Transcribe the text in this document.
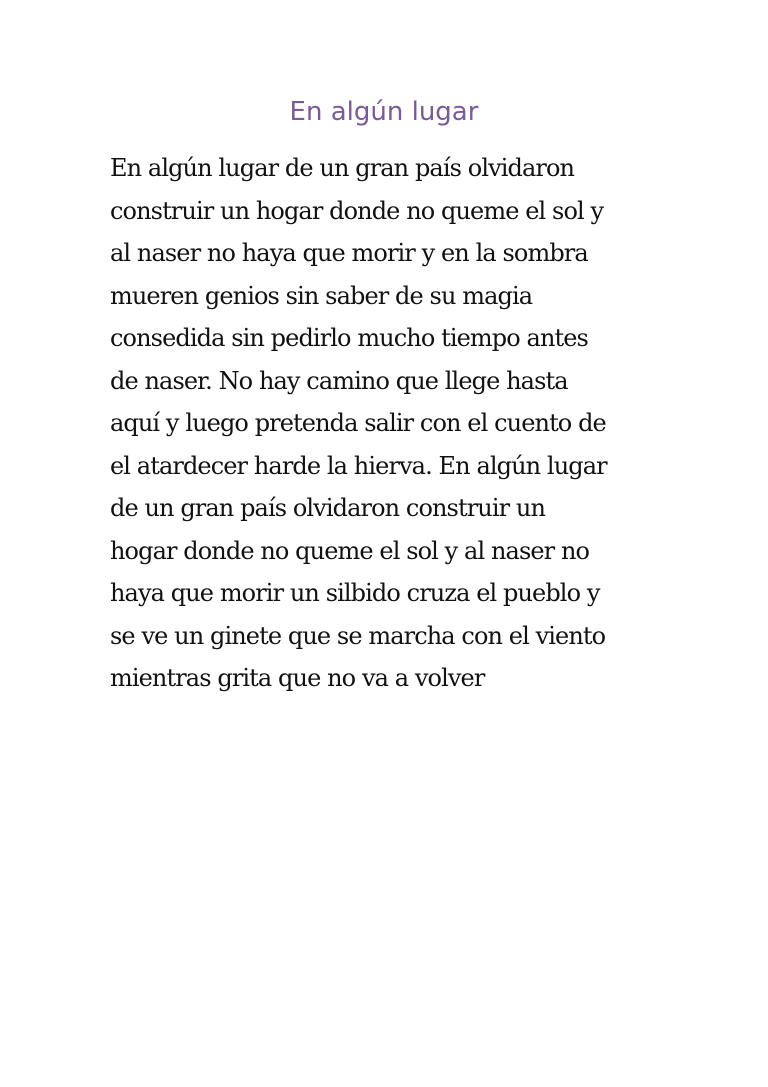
En algún lugar
En algún lugar de un gran país olvidaron
construir un hogar donde no queme el sol y
al naser no haya que morir y en la sombra
mueren genios sin saber de su magia
consedida sin pedirlo mucho tiempo antes
de naser. No hay camino que llege hasta
aquí y luego pretenda salir con el cuento de
el atardecer harde la hierva. En algún lugar
de un gran país olvidaron construir un
hogar donde no queme el sol y al naser no
haya que morir un silbido cruza el pueblo y
se ve un ginete que se marcha con el viento
mientras grita que no va a volver
